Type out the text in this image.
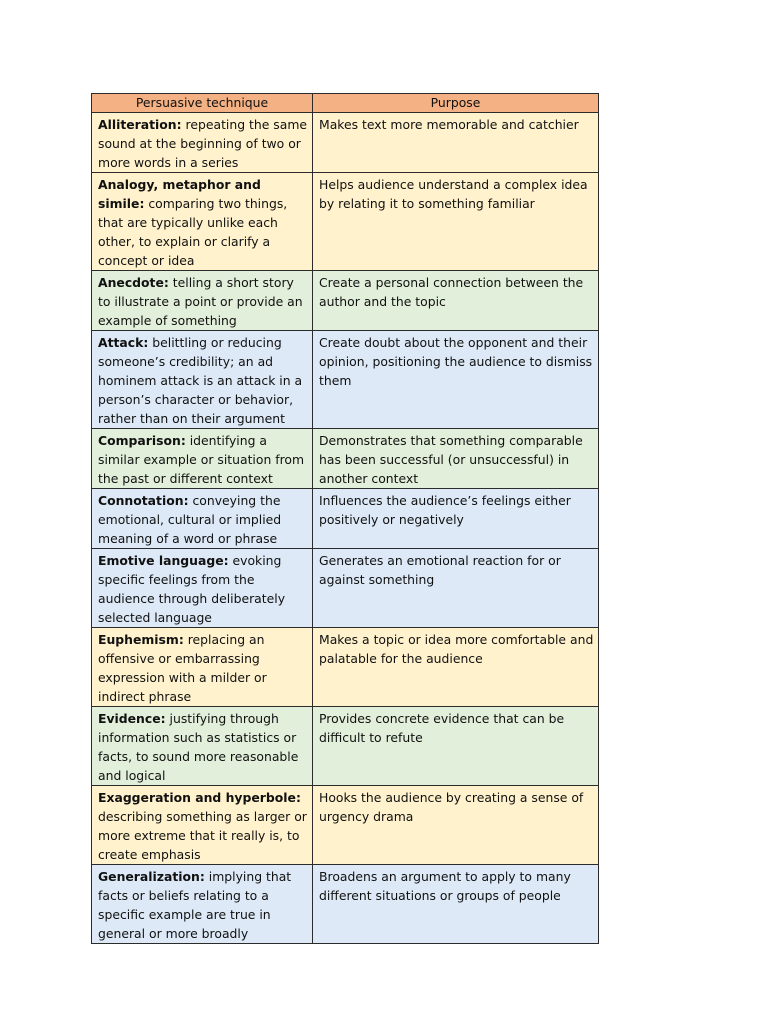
Persuasive technique	Purpose
Alliteration: repeating the same sound at the beginning of two or more words in a series	Makes text more memorable and catchier
Analogy, metaphor and simile: comparing two things, that are typically unlike each other, to explain or clarify a concept or idea	Helps audience understand a complex idea by relating it to something familiar
Anecdote: telling a short story to illustrate a point or provide an example of something	Create a personal connection between the author and the topic
Attack: belittling or reducing someone’s credibility; an ad hominem attack is an attack in a person’s character or behavior, rather than on their argument	Create doubt about the opponent and their opinion, positioning the audience to dismiss them
Comparison: identifying a similar example or situation from the past or different context	Demonstrates that something comparable has been successful (or unsuccessful) in another context
Connotation: conveying the emotional, cultural or implied meaning of a word or phrase	Influences the audience’s feelings either positively or negatively
Emotive language: evoking specific feelings from the audience through deliberately selected language	Generates an emotional reaction for or against something
Euphemism: replacing an offensive or embarrassing expression with a milder or indirect phrase	Makes a topic or idea more comfortable and palatable for the audience
Evidence: justifying through information such as statistics or facts, to sound more reasonable and logical	Provides concrete evidence that can be difficult to refute
Exaggeration and hyperbole: describing something as larger or more extreme that it really is, to create emphasis	Hooks the audience by creating a sense of urgency drama
Generalization: implying that facts or beliefs relating to a specific example are true in general or more broadly	Broadens an argument to apply to many different situations or groups of people
